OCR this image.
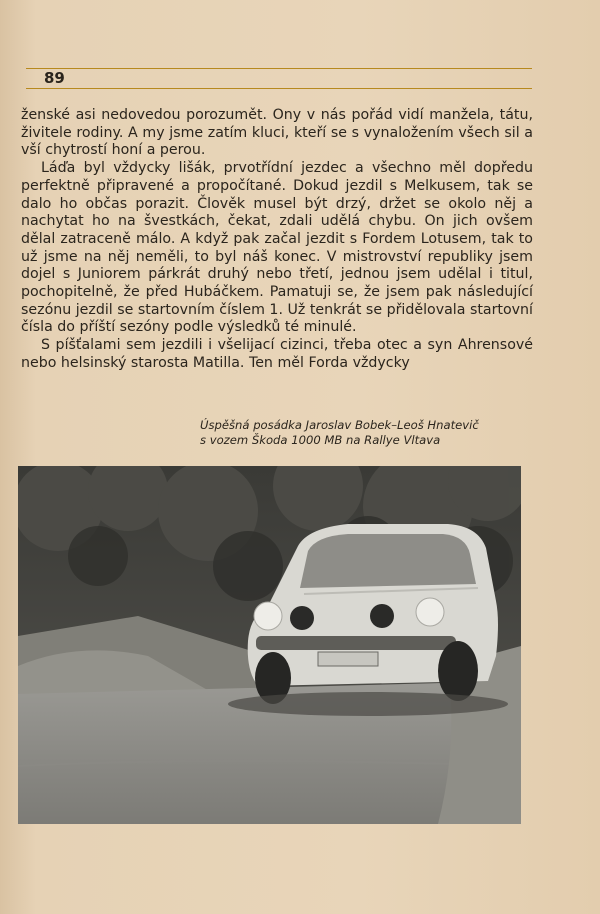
89

ženské asi nedovedou porozumět. Ony v nás pořád vidí manžela, tátu, živitele rodiny. A my jsme zatím kluci, kteří se s vynaložením všech sil a vší chytrostí honí a perou.

Láďa byl vždycky lišák, prvotřídní jezdec a všechno měl dopředu perfektně připravené a propočítané. Dokud jezdil s Melkusem, tak se dalo ho občas porazit. Člověk musel být drzý, držet se okolo něj a nachytat ho na švestkách, čekat, zdali udělá chybu. On jich ovšem dělal zatraceně málo. A když pak začal jezdit s Fordem Lotusem, tak to už jsme na něj neměli, to byl náš konec. V mistrovství republiky jsem dojel s Juniorem párkrát druhý nebo třetí, jednou jsem udělal i titul, pochopitelně, že před Hubáčkem. Pamatuji se, že jsem pak následující sezónu jezdil se startovním číslem 1. Už tenkrát se přidělovala startovní čísla do příští sezóny podle výsledků té minulé.

S píšťalami sem jezdili i všelijací cizinci, třeba otec a syn Ahrensové nebo helsinský starosta Matilla. Ten měl Forda vždycky

Úspěšná posádka Jaroslav Bobek–Leoš Hnatevič
s vozem Škoda 1000 MB na Rallye Vltava
